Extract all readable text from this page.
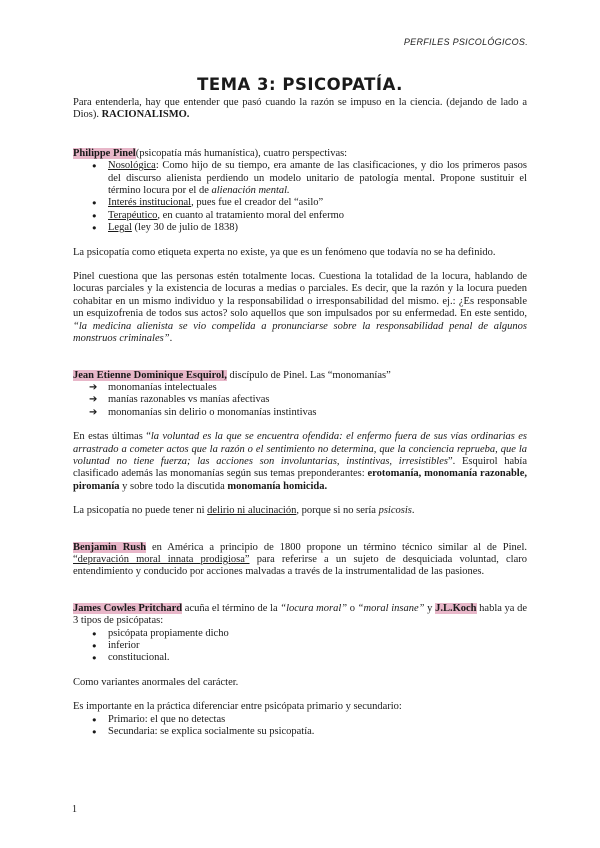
PERFILES PSICOLÓGICOS.
TEMA 3: PSICOPATÍA.

Para entenderla, hay que entender que pasó cuando la razón se impuso en la ciencia. (dejando de lado a Dios). RACIONALISMO.

Philippe Pinel(psicopatía más humanística), cuatro perspectivas:

● Nosológica: Como hijo de su tiempo, era amante de las clasificaciones, y dio los primeros pasos del discurso alienista perdiendo un modelo unitario de patología mental. Propone sustituir el término locura por el de alienación mental.
● Interés institucional, pues fue el creador del “asilo”
● Terapéutico, en cuanto al tratamiento moral del enfermo
● Legal (ley 30 de julio de 1838)

La psicopatía como etiqueta experta no existe, ya que es un fenómeno que todavía no se ha definido.

Pinel cuestiona que las personas estén totalmente locas. Cuestiona la totalidad de la locura, hablando de locuras parciales y la existencia de locuras a medias o parciales. Es decir, que la razón y la locura pueden cohabitar en un mismo individuo y la responsabilidad o irresponsabilidad del mismo. ej.: ¿Es responsable un esquizofrenia de todos sus actos? solo aquellos que son impulsados por su enfermedad. En este sentido, “la medicina alienista se vio compelida a pronunciarse sobre la responsabilidad penal de algunos monstruos criminales”.

Jean Etienne Dominique Esquirol, discípulo de Pinel. Las “monomanías”

➔ monomanías intelectuales
➔ manías razonables vs manías afectivas
➔ monomanías sin delirio o monomanías instintivas

En estas últimas “la voluntad es la que se encuentra ofendida: el enfermo fuera de sus vías ordinarias es arrastrado a cometer actos que la razón o el sentimiento no determina, que la conciencia reprueba, que la voluntad no tiene fuerza; las acciones son involuntarias, instintivas, irresistibles”. Esquirol había clasificado además las monomanías según sus temas preponderantes: erotomanía, monomanía razonable, piromanía y sobre todo la discutida monomanía homicida.

La psicopatía no puede tener ni delirio ni alucinación, porque si no sería psicosis.

Benjamin Rush en América a principio de 1800 propone un término técnico similar al de Pinel. “depravación moral innata prodigiosa” para referirse a un sujeto de desquiciada voluntad, claro entendimiento y conducido por acciones malvadas a través de la instrumentalidad de las pasiones.

James Cowles Pritchard acuña el término de la “locura moral” o “moral insane” y J.L.Koch habla ya de 3 tipos de psicópatas:

● psicópata propiamente dicho
● inferior
● constitucional.

Como variantes anormales del carácter.

Es importante en la práctica diferenciar entre psicópata primario y secundario:

● Primario: el que no detectas
● Secundaria: se explica socialmente su psicopatía.
1
